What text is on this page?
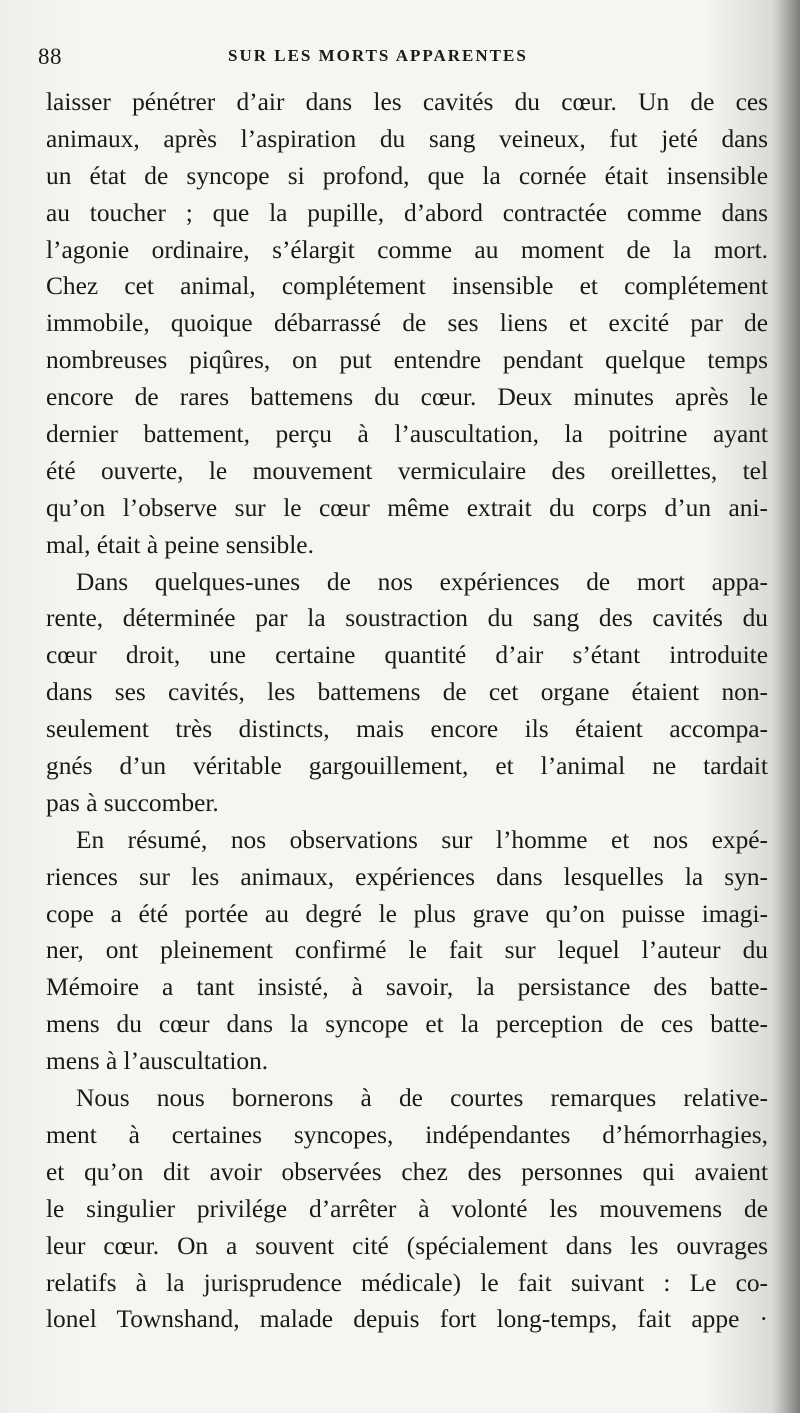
88	SUR LES MORTS APPARENTES
laisser pénétrer d’air dans les cavités du cœur. Un de ces
animaux, après l’aspiration du sang veineux, fut jeté dans
un état de syncope si profond, que la cornée était insensible
au toucher ; que la pupille, d’abord contractée comme dans
l’agonie ordinaire, s’élargit comme au moment de la mort.
Chez cet animal, complétement insensible et complétement
immobile, quoique débarrassé de ses liens et excité par de
nombreuses piqûres, on put entendre pendant quelque temps
encore de rares battemens du cœur. Deux minutes après le
dernier battement, perçu à l’auscultation, la poitrine ayant
été ouverte, le mouvement vermiculaire des oreillettes, tel
qu’on l’observe sur le cœur même extrait du corps d’un ani-
mal, était à peine sensible.
Dans quelques-unes de nos expériences de mort appa-
rente, déterminée par la soustraction du sang des cavités du
cœur droit, une certaine quantité d’air s’étant introduite
dans ses cavités, les battemens de cet organe étaient non-
seulement très distincts, mais encore ils étaient accompa-
gnés d’un véritable gargouillement, et l’animal ne tardait
pas à succomber.
En résumé, nos observations sur l’homme et nos expé-
riences sur les animaux, expériences dans lesquelles la syn-
cope a été portée au degré le plus grave qu’on puisse imagi-
ner, ont pleinement confirmé le fait sur lequel l’auteur du
Mémoire a tant insisté, à savoir, la persistance des batte-
mens du cœur dans la syncope et la perception de ces batte-
mens à l’auscultation.
Nous nous bornerons à de courtes remarques relative-
ment à certaines syncopes, indépendantes d’hémorrhagies,
et qu’on dit avoir observées chez des personnes qui avaient
le singulier privilége d’arrêter à volonté les mouvemens de
leur cœur. On a souvent cité (spécialement dans les ouvrages
relatifs à la jurisprudence médicale) le fait suivant : Le co-
lonel Townshand, malade depuis fort long-temps, fait appe ·
